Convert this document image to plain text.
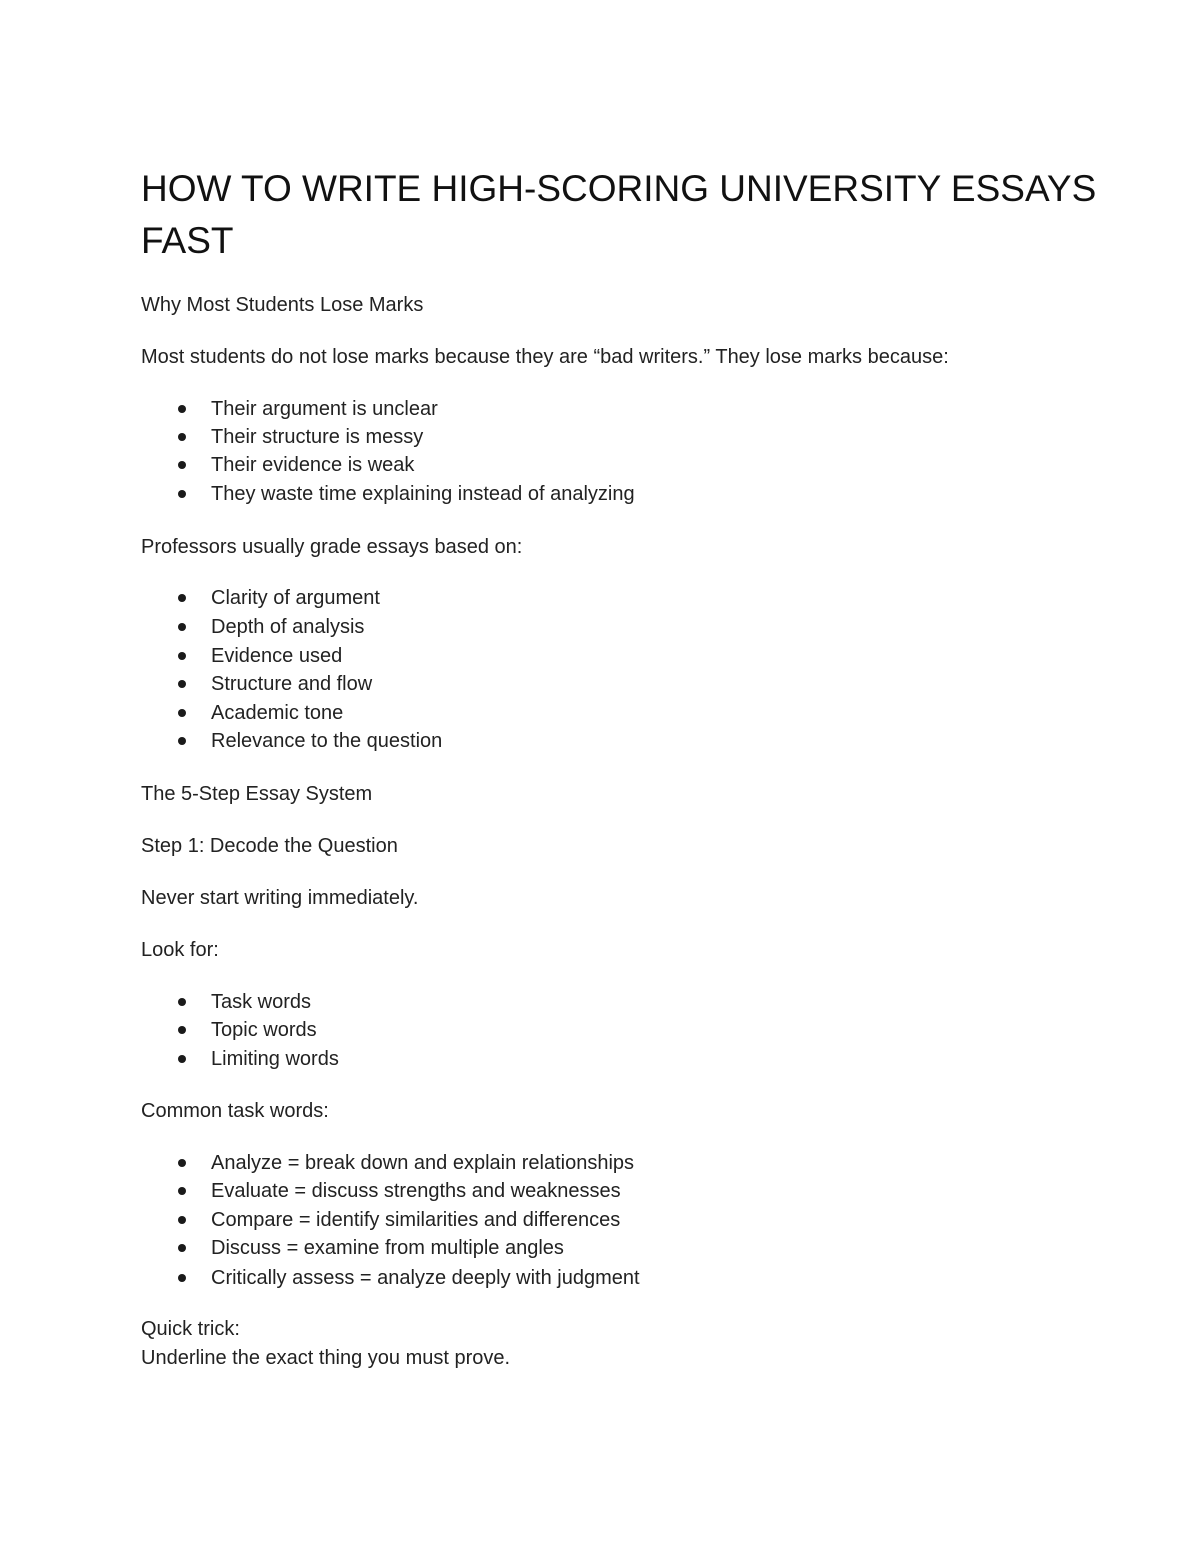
HOW TO WRITE HIGH-SCORING UNIVERSITY ESSAYS FAST

Why Most Students Lose Marks

Most students do not lose marks because they are “bad writers.” They lose marks because:

Their argument is unclear
Their structure is messy
Their evidence is weak
They waste time explaining instead of analyzing

Professors usually grade essays based on:

Clarity of argument
Depth of analysis
Evidence used
Structure and flow
Academic tone
Relevance to the question

The 5-Step Essay System

Step 1: Decode the Question

Never start writing immediately.

Look for:

Task words
Topic words
Limiting words

Common task words:

Analyze = break down and explain relationships
Evaluate = discuss strengths and weaknesses
Compare = identify similarities and differences
Discuss = examine from multiple angles
Critically assess = analyze deeply with judgment

Quick trick:

Underline the exact thing you must prove.
